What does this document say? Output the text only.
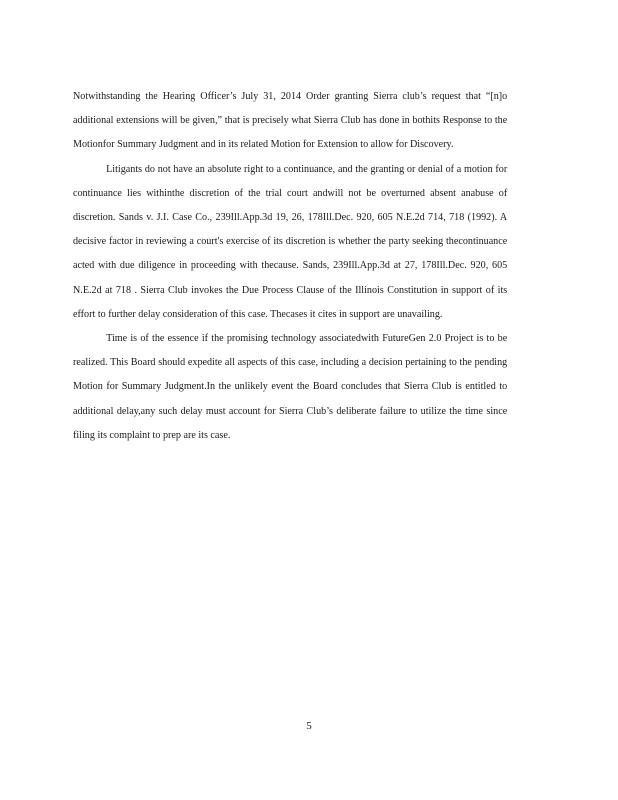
Notwithstanding the Hearing Officer’s July 31, 2014 Order granting Sierra club’s request that “[n]o additional extensions will be given,” that is precisely what Sierra Club has done in bothits Response to the Motionfor Summary Judgment and in its related Motion for Extension to allow for Discovery.

Litigants do not have an absolute right to a continuance, and the granting or denial of a motion for continuance lies withinthe discretion of the trial court andwill not be overturned absent anabuse of discretion. Sands v. J.I. Case Co., 239Ill.App.3d 19, 26, 178Ill.Dec. 920, 605 N.E.2d 714, 718 (1992). A decisive factor in reviewing a court's exercise of its discretion is whether the party seeking thecontinuance acted with due diligence in proceeding with thecause. Sands, 239Ill.App.3d at 27, 178Ill.Dec. 920, 605 N.E.2d at 718 . Sierra Club invokes the Due Process Clause of the Illinois Constitution in support of its effort to further delay consideration of this case. Thecases it cites in support are unavailing.

Time is of the essence if the promising technology associatedwith FutureGen 2.0 Project is to be realized. This Board should expedite all aspects of this case, including a decision pertaining to the pending Motion for Summary Judgment.In the unlikely event the Board concludes that Sierra Club is entitled to additional delay,any such delay must account for Sierra Club’s deliberate failure to utilize the time since filing its complaint to prep are its case.

5
